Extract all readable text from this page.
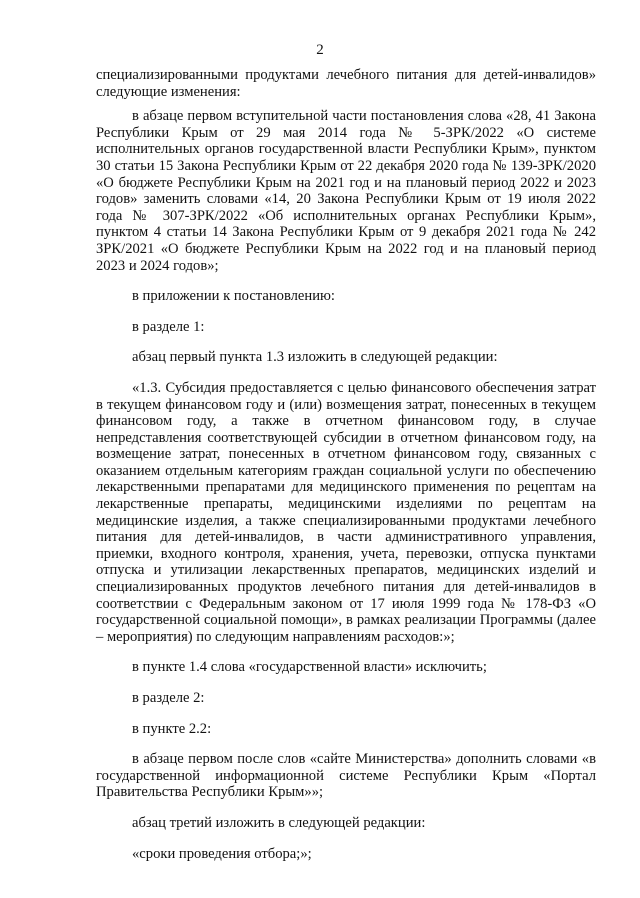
2

специализированными продуктами лечебного питания для детей-инвалидов» следующие изменения:

в абзаце первом вступительной части постановления слова «28, 41 Закона Республики Крым от 29 мая 2014 года № 5-ЗРК/2022 «О системе исполнительных органов государственной власти Республики Крым», пунктом 30 статьи 15 Закона Республики Крым от 22 декабря 2020 года № 139-ЗРК/2020 «О бюджете Республики Крым на 2021 год и на плановый период 2022 и 2023 годов» заменить словами «14, 20 Закона Республики Крым от 19 июля 2022 года № 307-ЗРК/2022 «Об исполнительных органах Республики Крым», пунктом 4 статьи 14 Закона Республики Крым от 9 декабря 2021 года № 242 ЗРК/2021 «О бюджете Республики Крым на 2022 год и на плановый период 2023 и 2024 годов»;

в приложении к постановлению:

в разделе 1:

абзац первый пункта 1.3 изложить в следующей редакции:

«1.3. Субсидия предоставляется с целью финансового обеспечения затрат в текущем финансовом году и (или) возмещения затрат, понесенных в текущем финансовом году, а также в отчетном финансовом году, в случае непредставления соответствующей субсидии в отчетном финансовом году, на возмещение затрат, понесенных в отчетном финансовом году, связанных с оказанием отдельным категориям граждан социальной услуги по обеспечению лекарственными препаратами для медицинского применения по рецептам на лекарственные препараты, медицинскими изделиями по рецептам на медицинские изделия, а также специализированными продуктами лечебного питания для детей-инвалидов, в части административного управления, приемки, входного контроля, хранения, учета, перевозки, отпуска пунктами отпуска и утилизации лекарственных препаратов, медицинских изделий и специализированных продуктов лечебного питания для детей-инвалидов в соответствии с Федеральным законом от 17 июля 1999 года № 178-ФЗ «О государственной социальной помощи», в рамках реализации Программы (далее – мероприятия) по следующим направлениям расходов:»;

в пункте 1.4 слова «государственной власти» исключить;

в разделе 2:

в пункте 2.2:

в абзаце первом после слов «сайте Министерства» дополнить словами «в государственной информационной системе Республики Крым «Портал Правительства Республики Крым»»;

абзац третий изложить в следующей редакции:

«сроки проведения отбора;»;
